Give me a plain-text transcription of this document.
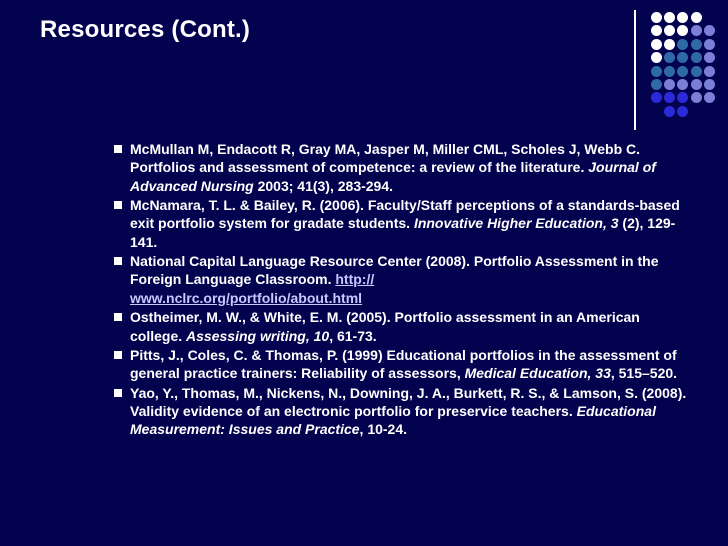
Resources (Cont.)
McMullan M, Endacott R, Gray MA, Jasper M, Miller CML, Scholes J, Webb C. Portfolios and assessment of competence: a review of the literature. Journal of Advanced Nursing 2003; 41(3), 283-294.
McNamara, T. L. & Bailey, R. (2006). Faculty/Staff perceptions of a standards-based exit portfolio system for gradate students. Innovative Higher Education, 3 (2), 129-141.
National Capital Language Resource Center (2008). Portfolio Assessment in the Foreign Language Classroom. http://
www.nclrc.org/portfolio/about.html
Ostheimer, M. W., & White, E. M. (2005). Portfolio assessment in an American college. Assessing writing, 10, 61-73.
Pitts, J., Coles, C. & Thomas, P. (1999) Educational portfolios in the assessment of general practice trainers: Reliability of assessors, Medical Education, 33, 515–520.
Yao, Y., Thomas, M., Nickens, N., Downing, J. A., Burkett, R. S., & Lamson, S. (2008). Validity evidence of an electronic portfolio for preservice teachers. Educational Measurement: Issues and Practice, 10-24.
